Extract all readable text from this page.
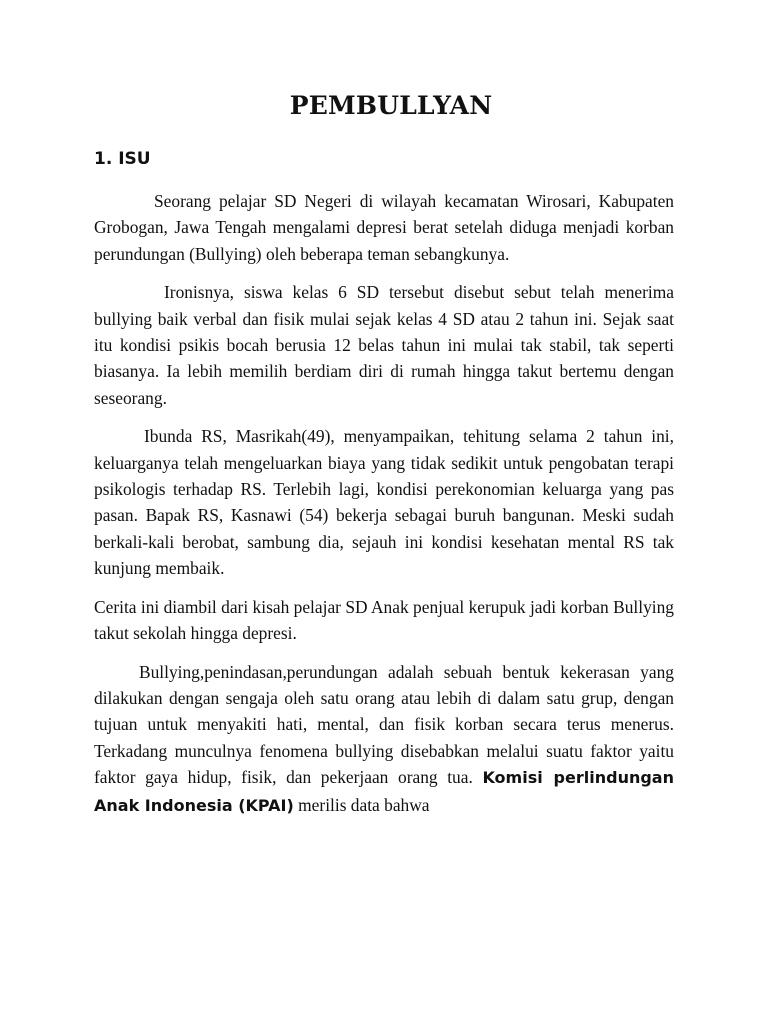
PEMBULLYAN
1. ISU

Seorang pelajar SD Negeri di wilayah kecamatan Wirosari, Kabupaten Grobogan, Jawa Tengah mengalami depresi berat setelah diduga menjadi korban perundungan (Bullying) oleh beberapa teman sebangkunya.

Ironisnya, siswa kelas 6 SD tersebut disebut sebut telah menerima bullying baik verbal dan fisik mulai sejak kelas 4 SD atau 2 tahun ini. Sejak saat itu kondisi psikis bocah berusia 12 belas tahun ini mulai tak stabil, tak seperti biasanya. Ia lebih memilih berdiam diri di rumah hingga takut bertemu dengan seseorang.

Ibunda RS, Masrikah(49), menyampaikan, tehitung selama 2 tahun ini, keluarganya telah mengeluarkan biaya yang tidak sedikit untuk pengobatan terapi psikologis terhadap RS. Terlebih lagi, kondisi perekonomian keluarga yang pas pasan. Bapak RS, Kasnawi (54) bekerja sebagai buruh bangunan. Meski sudah berkali-kali berobat, sambung dia, sejauh ini kondisi kesehatan mental RS tak kunjung membaik.

Cerita ini diambil dari kisah pelajar SD Anak penjual kerupuk jadi korban Bullying takut sekolah hingga depresi.

Bullying,penindasan,perundungan adalah sebuah bentuk kekerasan yang dilakukan dengan sengaja oleh satu orang atau lebih di dalam satu grup, dengan tujuan untuk menyakiti hati, mental, dan fisik korban secara terus menerus. Terkadang munculnya fenomena bullying disebabkan melalui suatu faktor yaitu faktor gaya hidup, fisik, dan pekerjaan orang tua. Komisi perlindungan Anak Indonesia (KPAI) merilis data bahwa
